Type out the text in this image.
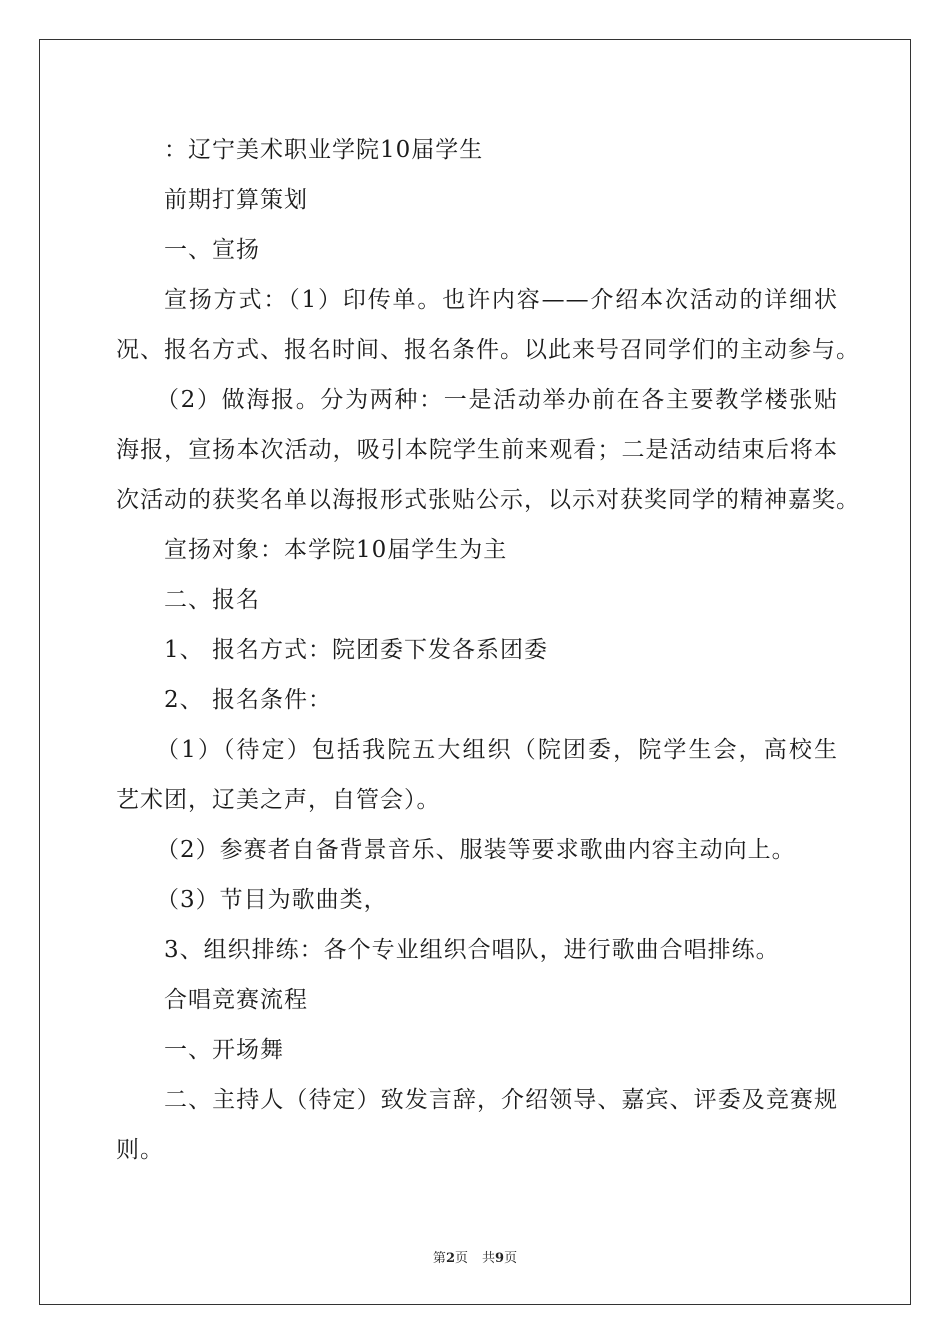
：辽宁美术职业学院10届学生
前期打算策划
一、宣扬
宣扬方式：（1）印传单。也许内容——介绍本次活动的详细状
况、报名方式、报名时间、报名条件。以此来号召同学们的主动参与。
（2）做海报。分为两种：一是活动举办前在各主要教学楼张贴
海报，宣扬本次活动，吸引本院学生前来观看；二是活动结束后将本
次活动的获奖名单以海报形式张贴公示，以示对获奖同学的精神嘉奖。
宣扬对象：本学院10届学生为主
二、报名
1、 报名方式：院团委下发各系团委
2、 报名条件：
（1）（待定）包括我院五大组织（院团委，院学生会，高校生
艺术团，辽美之声，自管会）。
（2）参赛者自备背景音乐、服装等要求歌曲内容主动向上。
（3）节目为歌曲类，
3、组织排练：各个专业组织合唱队，进行歌曲合唱排练。
合唱竞赛流程
一、开场舞
二、主持人（待定）致发言辞，介绍领导、嘉宾、评委及竞赛规
则。
第2页 共9页
